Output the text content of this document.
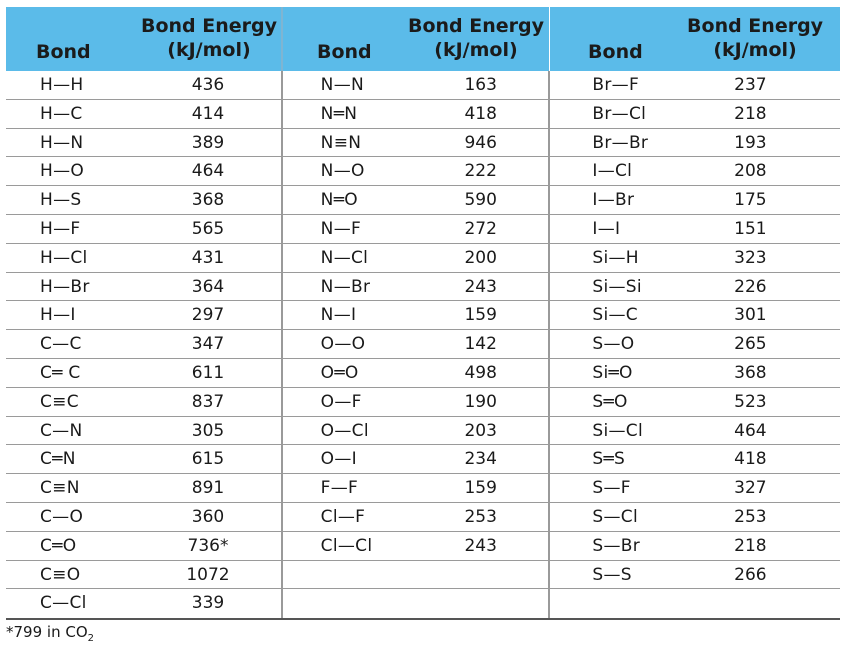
Bond
Bond Energy
(kJ/mol)	Bond
Bond Energy
(kJ/mol)	Bond
Bond Energy
(kJ/mol)
H—H	436
H—C	414
H—N	389
H—O	464
H—S	368
H—F	565
H—Cl	431
H—Br	364
H—I	297
C—C	347
C═ C	611
C≡C	837
C—N	305
C═N	615
C≡N	891
C—O	360
C═O	736*
C≡O	1072
C—Cl	339
N—N	163
N═N	418
N≡N	946
N—O	222
N═O	590
N—F	272
N—Cl	200
N—Br	243
N—I	159
O—O	142
O═O	498
O—F	190
O—Cl	203
O—I	234
F—F	159
Cl—F	253
Cl—Cl	243
Br—F	237
Br—Cl	218
Br—Br	193
I—Cl	208
I—Br	175
I—I	151
Si—H	323
Si—Si	226
Si—C	301
S—O	265
Si═O	368
S═O	523
Si—Cl	464
S═S	418
S—F	327
S—Cl	253
S—Br	218
S—S	266
*799 in $CO_2$
